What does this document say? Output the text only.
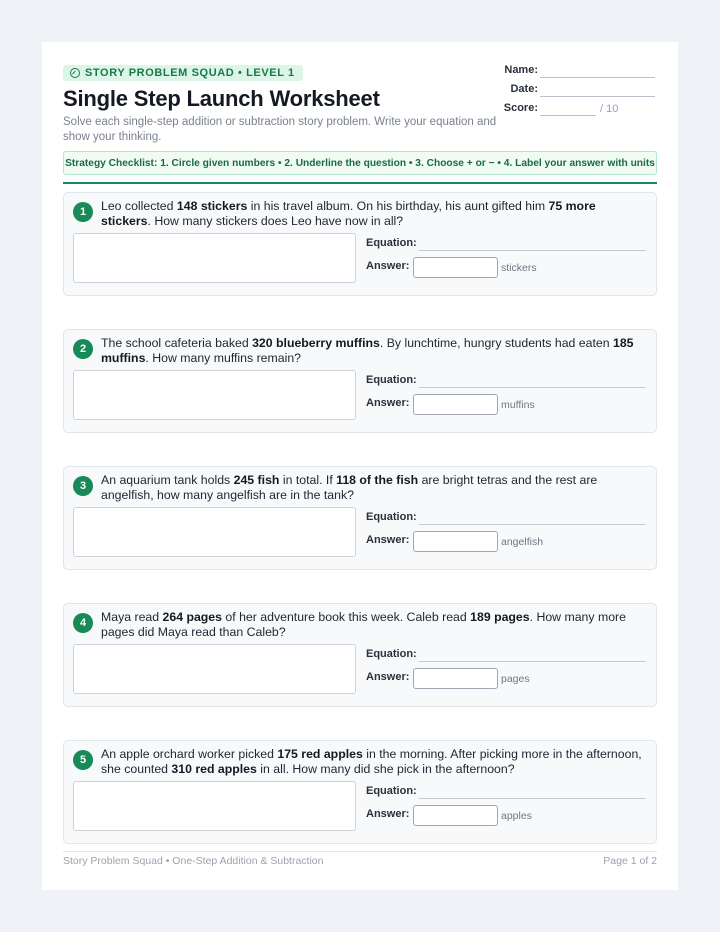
STORY PROBLEM SQUAD • LEVEL 1
Single Step Launch Worksheet
Solve each single-step addition or subtraction story problem. Write your equation and show your thinking.
Name:
Date:
Score:	/ 10
Strategy Checklist:
1. Circle given numbers • 2. Underline the question • 3. Choose + or − • 4. Label your answer with units
1	Leo collected 148 stickers in his travel album. On his birthday, his aunt gifted him 75 more stickers. How many stickers does Leo have now in all?
Equation:
Answer:	stickers
2	The school cafeteria baked 320 blueberry muffins. By lunchtime, hungry students had eaten 185 muffins. How many muffins remain?
Equation:
Answer:	muffins
3	An aquarium tank holds 245 fish in total. If 118 of the fish are bright tetras and the rest are angelfish, how many angelfish are in the tank?
Equation:
Answer:	angelfish
4	Maya read 264 pages of her adventure book this week. Caleb read 189 pages. How many more pages did Maya read than Caleb?
Equation:
Answer:	pages
5	An apple orchard worker picked 175 red apples in the morning. After picking more in the afternoon, she counted 310 red apples in all. How many did she pick in the afternoon?
Equation:
Answer:	apples
Story Problem Squad • One-Step Addition & Subtraction	Page 1 of 2
